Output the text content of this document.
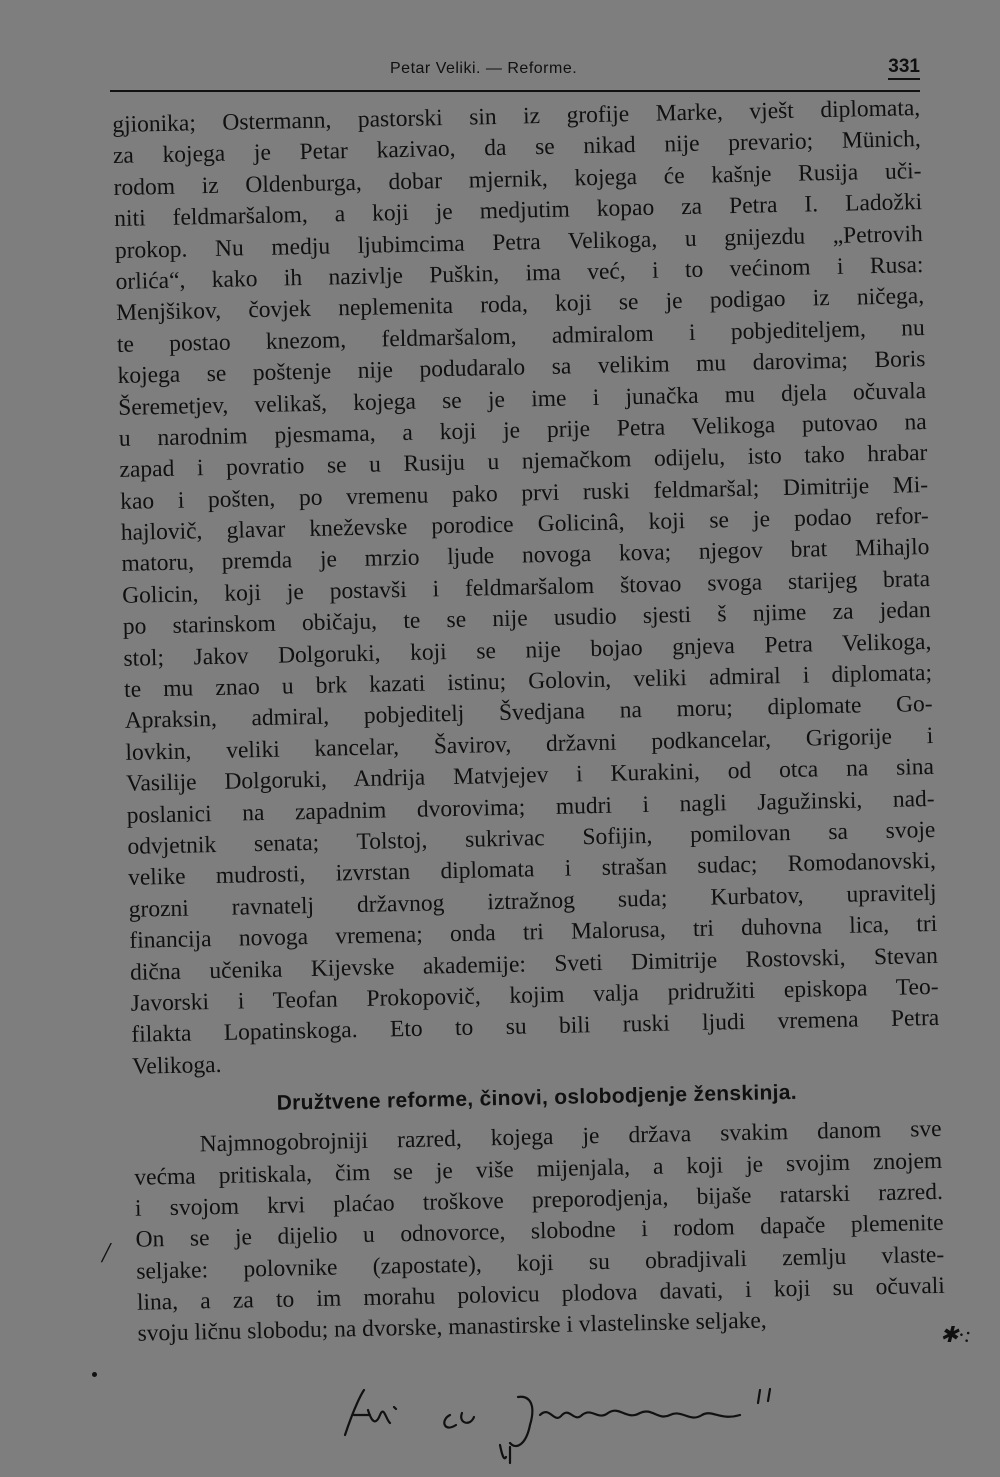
Petar Veliki. — Reforme.	331
gjionika; Ostermann, pastorski sin iz grofije Marke, vješt diplomata,
za kojega je Petar kazivao, da se nikad nije prevario; Münich,
rodom iz Oldenburga, dobar mjernik, kojega će kašnje Rusija uči-
niti feldmaršalom, a koji je medjutim kopao za Petra I. Ladožki
prokop. Nu medju ljubimcima Petra Velikoga, u gnijezdu „Petrovih
orlića“, kako ih nazivlje Puškin, ima već, i to većinom i Rusa:
Menjšikov, čovjek neplemenita roda, koji se je podigao iz ničega,
te postao knezom, feldmaršalom, admiralom i pobjediteljem, nu
kojega se poštenje nije podudaralo sa velikim mu darovima; Boris
Šeremetjev, velikaš, kojega se je ime i junačka mu djela očuvala
u narodnim pjesmama, a koji je prije Petra Velikoga putovao na
zapad i povratio se u Rusiju u njemačkom odijelu, isto tako hrabar
kao i pošten, po vremenu pako prvi ruski feldmaršal; Dimitrije Mi-
hajlovič, glavar kneževske porodice Golicinâ, koji se je podao refor-
matoru, premda je mrzio ljude novoga kova; njegov brat Mihajlo
Golicin, koji je postavši i feldmaršalom štovao svoga starijeg brata
po starinskom običaju, te se nije usudio sjesti š njime za jedan
stol; Jakov Dolgoruki, koji se nije bojao gnjeva Petra Velikoga,
te mu znao u brk kazati istinu; Golovin, veliki admiral i diplomata;
Apraksin, admiral, pobjeditelj Švedjana na moru; diplomate Go-
lovkin, veliki kancelar, Šavirov, državni podkancelar, Grigorije i
Vasilije Dolgoruki, Andrija Matvjejev i Kurakini, od otca na sina
poslanici na zapadnim dvorovima; mudri i nagli Jagužinski, nad-
odvjetnik senata; Tolstoj, sukrivac Sofijin, pomilovan sa svoje
velike mudrosti, izvrstan diplomata i strašan sudac; Romodanovski,
grozni ravnatelj državnog iztražnog suda; Kurbatov, upravitelj
financija novoga vremena; onda tri Malorusa, tri duhovna lica, tri
dična učenika Kijevske akademije: Sveti Dimitrije Rostovski, Stevan
Javorski i Teofan Prokopovič, kojim valja pridružiti episkopa Teo-
filakta Lopatinskoga. Eto to su bili ruski ljudi vremena Petra
Velikoga.
Družtvene reforme, činovi, oslobodjenje ženskinja.
Najmnogobrojniji razred, kojega je država svakim danom sve
većma pritiskala, čim se je više mijenjala, a koji je svojim znojem
i svojom krvi plaćao troškove preporodjenja, bijaše ratarski razred.
On se je dijelio u odnovorce, slobodne i rodom dapače plemenite
seljake: polovnike (zapostate), koji su obradjivali zemlju vlaste-
lina, a za to im morahu polovicu plodova davati, i koji su očuvali
svoju ličnu slobodu; na dvorske, manastirske i vlastelinske seljake,
/
✱·:
